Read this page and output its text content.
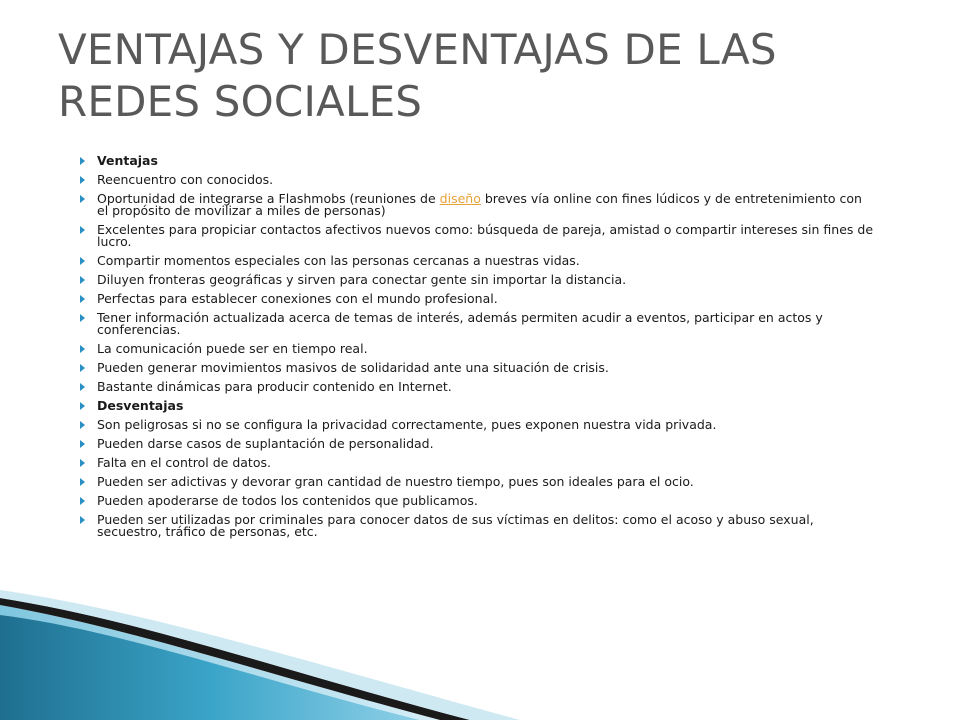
VENTAJAS Y DESVENTAJAS DE LAS REDES SOCIALES
Ventajas
Reencuentro con conocidos.
Oportunidad de integrarse a Flashmobs (reuniones de diseño breves vía online con fines lúdicos y de entretenimiento con el propósito de movilizar a miles de personas)
Excelentes para propiciar contactos afectivos nuevos como: búsqueda de pareja, amistad o compartir intereses sin fines de lucro.
Compartir momentos especiales con las personas cercanas a nuestras vidas.
Diluyen fronteras geográficas y sirven para conectar gente sin importar la distancia.
Perfectas para establecer conexiones con el mundo profesional.
Tener información actualizada acerca de temas de interés, además permiten acudir a eventos, participar en actos y conferencias.
La comunicación puede ser en tiempo real.
Pueden generar movimientos masivos de solidaridad ante una situación de crisis.
Bastante dinámicas para producir contenido en Internet.
Desventajas
Son peligrosas si no se configura la privacidad correctamente, pues exponen nuestra vida privada.
Pueden darse casos de suplantación de personalidad.
Falta en el control de datos.
Pueden ser adictivas y devorar gran cantidad de nuestro tiempo, pues son ideales para el ocio.
Pueden apoderarse de todos los contenidos que publicamos.
Pueden ser utilizadas por criminales para conocer datos de sus víctimas en delitos: como el acoso y abuso sexual, secuestro, tráfico de personas, etc.
